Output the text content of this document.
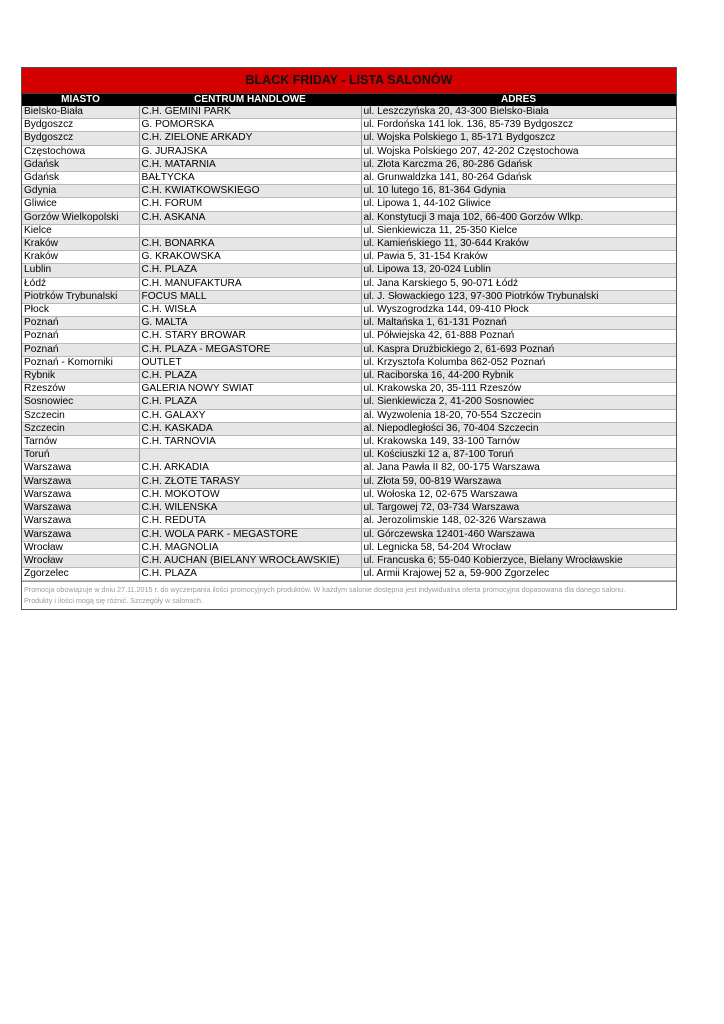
BLACK FRIDAY - LISTA SALONÓW
MIASTO	CENTRUM HANDLOWE	ADRES
Bielsko-Biała	C.H. GEMINI PARK	ul. Leszczyńska 20, 43-300 Bielsko-Biała
Bydgoszcz	G. POMORSKA	ul. Fordońska 141 lok. 136, 85-739 Bydgoszcz
Bydgoszcz	C.H. ZIELONE ARKADY	ul. Wojska Polskiego 1, 85-171 Bydgoszcz
Częstochowa	G. JURAJSKA	ul. Wojska Polskiego 207, 42-202 Częstochowa
Gdańsk	C.H. MATARNIA	ul. Złota Karczma 26, 80-286 Gdańsk
Gdańsk	BAŁTYCKA	al. Grunwaldzka 141, 80-264 Gdańsk
Gdynia	C.H. KWIATKOWSKIEGO	ul. 10 lutego 16, 81-364 Gdynia
Gliwice	C.H. FORUM	ul. Lipowa 1, 44-102 Gliwice
Gorzów Wielkopolski	C.H. ASKANA	al. Konstytucji 3 maja 102, 66-400 Gorzów Wlkp.
Kielce		ul. Sienkiewicza 11, 25-350 Kielce
Kraków	C.H. BONARKA	ul. Kamieńskiego 11, 30-644 Kraków
Kraków	G. KRAKOWSKA	ul. Pawia 5, 31-154 Kraków
Lublin	C.H. PLAZA	ul. Lipowa 13, 20-024 Lublin
Łódź	C.H. MANUFAKTURA	ul. Jana Karskiego 5, 90-071 Łódź
Piotrków Trybunalski	FOCUS MALL	ul. J. Słowackiego 123, 97-300 Piotrków Trybunalski
Płock	C.H. WISŁA	ul. Wyszogrodzka 144, 09-410 Płock
Poznań	G. MALTA	ul. Maltańska 1, 61-131 Poznań
Poznań	C.H. STARY BROWAR	ul. Półwiejska 42, 61-888 Poznań
Poznań	C.H. PLAZA - MEGASTORE	ul. Kaspra Drużbickiego 2, 61-693 Poznań
Poznań - Komorniki	OUTLET	ul. Krzysztofa Kolumba 862-052 Poznań
Rybnik	C.H. PLAZA	ul. Raciborska 16, 44-200 Rybnik
Rzeszów	GALERIA NOWY ŚWIAT	ul. Krakowska 20, 35-111 Rzeszów
Sosnowiec	C.H. PLAZA	ul. Sienkiewicza 2, 41-200 Sosnowiec
Szczecin	C.H. GALAXY	al. Wyzwolenia 18-20, 70-554 Szczecin
Szczecin	C.H. KASKADA	al. Niepodległości 36, 70-404 Szczecin
Tarnów	C.H. TARNOVIA	ul. Krakowska 149, 33-100 Tarnów
Toruń		ul. Kościuszki 12 a, 87-100 Toruń
Warszawa	C.H. ARKADIA	al. Jana Pawła II 82, 00-175 Warszawa
Warszawa	C.H. ZŁOTE TARASY	ul. Złota 59, 00-819 Warszawa
Warszawa	C.H. MOKOTÓW	ul. Wołoska 12, 02-675 Warszawa
Warszawa	C.H. WILEŃSKA	ul. Targowej 72, 03-734 Warszawa
Warszawa	C.H. REDUTA	al. Jerozolimskie 148, 02-326 Warszawa
Warszawa	C.H. WOLA PARK - MEGASTORE	ul. Górczewska 12401-460 Warszawa
Wrocław	C.H. MAGNOLIA	ul. Legnicka 58, 54-204 Wrocław
Wrocław	C.H. AUCHAN (BIELANY WROCŁAWSKIE)	ul. Francuska 6; 55-040 Kobierzyce, Bielany Wrocławskie
Zgorzelec	C.H. PLAZA	ul. Armii Krajowej 52 a, 59-900 Zgorzelec
Promocja obowiązuje w dniu 27.11.2015 r. do wyczerpania ilości promocyjnych produktów. W każdym salonie dostępna jest indywidualna oferta promocyjna dopasowana dla danego salonu.
Produkty i ilości mogą się różnić. Szczegóły w salonach.
